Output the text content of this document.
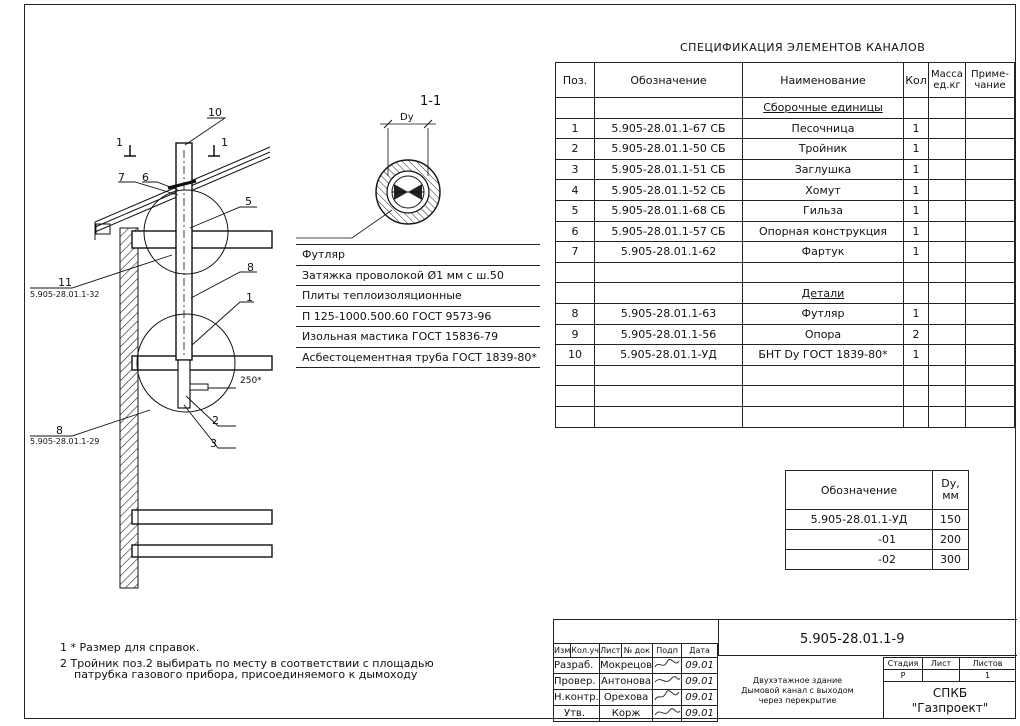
10
1	1
7 6
5
8
1
11
5.905-28.01.1-32
250*
2
3
8
5.905-28.01.1-29
1-1
Dy
Футляр
Затяжка проволокой Ø1 мм с ш.50
Плиты теплоизоляционные
П 125-1000.500.60 ГОСТ 9573-96
Изольная мастика ГОСТ 15836-79
Асбестоцементная труба ГОСТ 1839-80*
СПЕЦИФИКАЦИЯ ЭЛЕМЕНТОВ КАНАЛОВ
Поз.	Обозначение	Наименование	Кол	Масса ед.кг	Приме-чание
		Сборочные единицы			
1	5.905-28.01.1-67 СБ	Песочница	1		
2	5.905-28.01.1-50 СБ	Тройник	1		
3	5.905-28.01.1-51 СБ	Заглушка	1		
4	5.905-28.01.1-52 СБ	Хомут	1		
5	5.905-28.01.1-68 СБ	Гильза	1		
6	5.905-28.01.1-57 СБ	Опорная конструкция	1		
7	5.905-28.01.1-62	Фартук	1		

		Детали			
8	5.905-28.01.1-63	Футляр	1		
9	5.905-28.01.1-56	Опора	2		
10	5.905-28.01.1-УД	БНТ Dy ГОСТ 1839-80*	1		

Обозначение	Dy, мм
5.905-28.01.1-УД	150
-01	200
-02	300
1 * Размер для справок.
2 Тройник поз.2 выбирать по месту в соответствии с площадью
патрубка газового прибора, присоединяемого к дымоходу
5.905-28.01.1-9
Изм	Кол.уч	Лист	№ док	Подп	Дата
Разраб.		Мокрецов			09.01
Провер.		Антонова			09.01
Н.контр.		Орехова			09.01
Утв.		Корж			09.01
Двухэтажное здание
Дымовой канал с выходом
через перекрытие
Стадия	Лист	Листов
Р		1
СПКБ
"Газпроект"
